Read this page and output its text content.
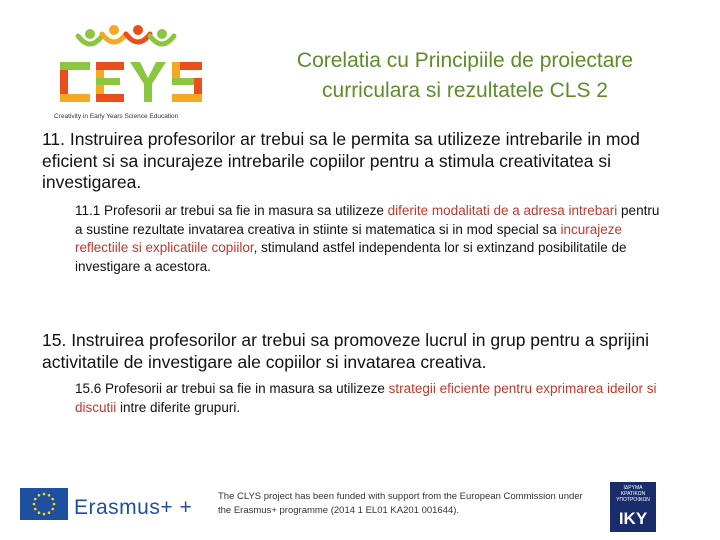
Creativity in Early Years Science Education
Corelatia cu Principiile de proiectare
curriculara si rezultatele CLS 2
11. Instruirea profesorilor ar trebui sa le permita sa utilizeze intrebarile in mod eficient si sa incurajeze intrebarile copiilor pentru a stimula creativitatea si investigarea.
11.1 Profesorii ar trebui sa fie in masura sa utilizeze diferite modalitati de a adresa intrebari pentru a sustine rezultate invatarea creativa in stiinte si matematica si in mod special sa incurajeze reflectiile si explicatiile copiilor, stimuland astfel independenta lor si extinzand posibilitatile de investigare a acestora.
15. Instruirea profesorilor ar trebui sa promoveze lucrul in grup pentru a sprijini activitatile de investigare ale copiilor si invatarea creativa.
15.6 Profesorii ar trebui sa fie in masura sa utilizeze strategii eficiente pentru exprimarea ideilor si discutii intre diferite grupuri.
Erasmus+ +	The CLYS project has been funded with support from the European Commission under the Erasmus+ programme (2014 1 EL01 KA201 001644).
ΙΔΡΥΜΑ ΚΡΑΤΙΚΩΝ ΥΠΟΤΡΟΦΙΩΝ
IKY
